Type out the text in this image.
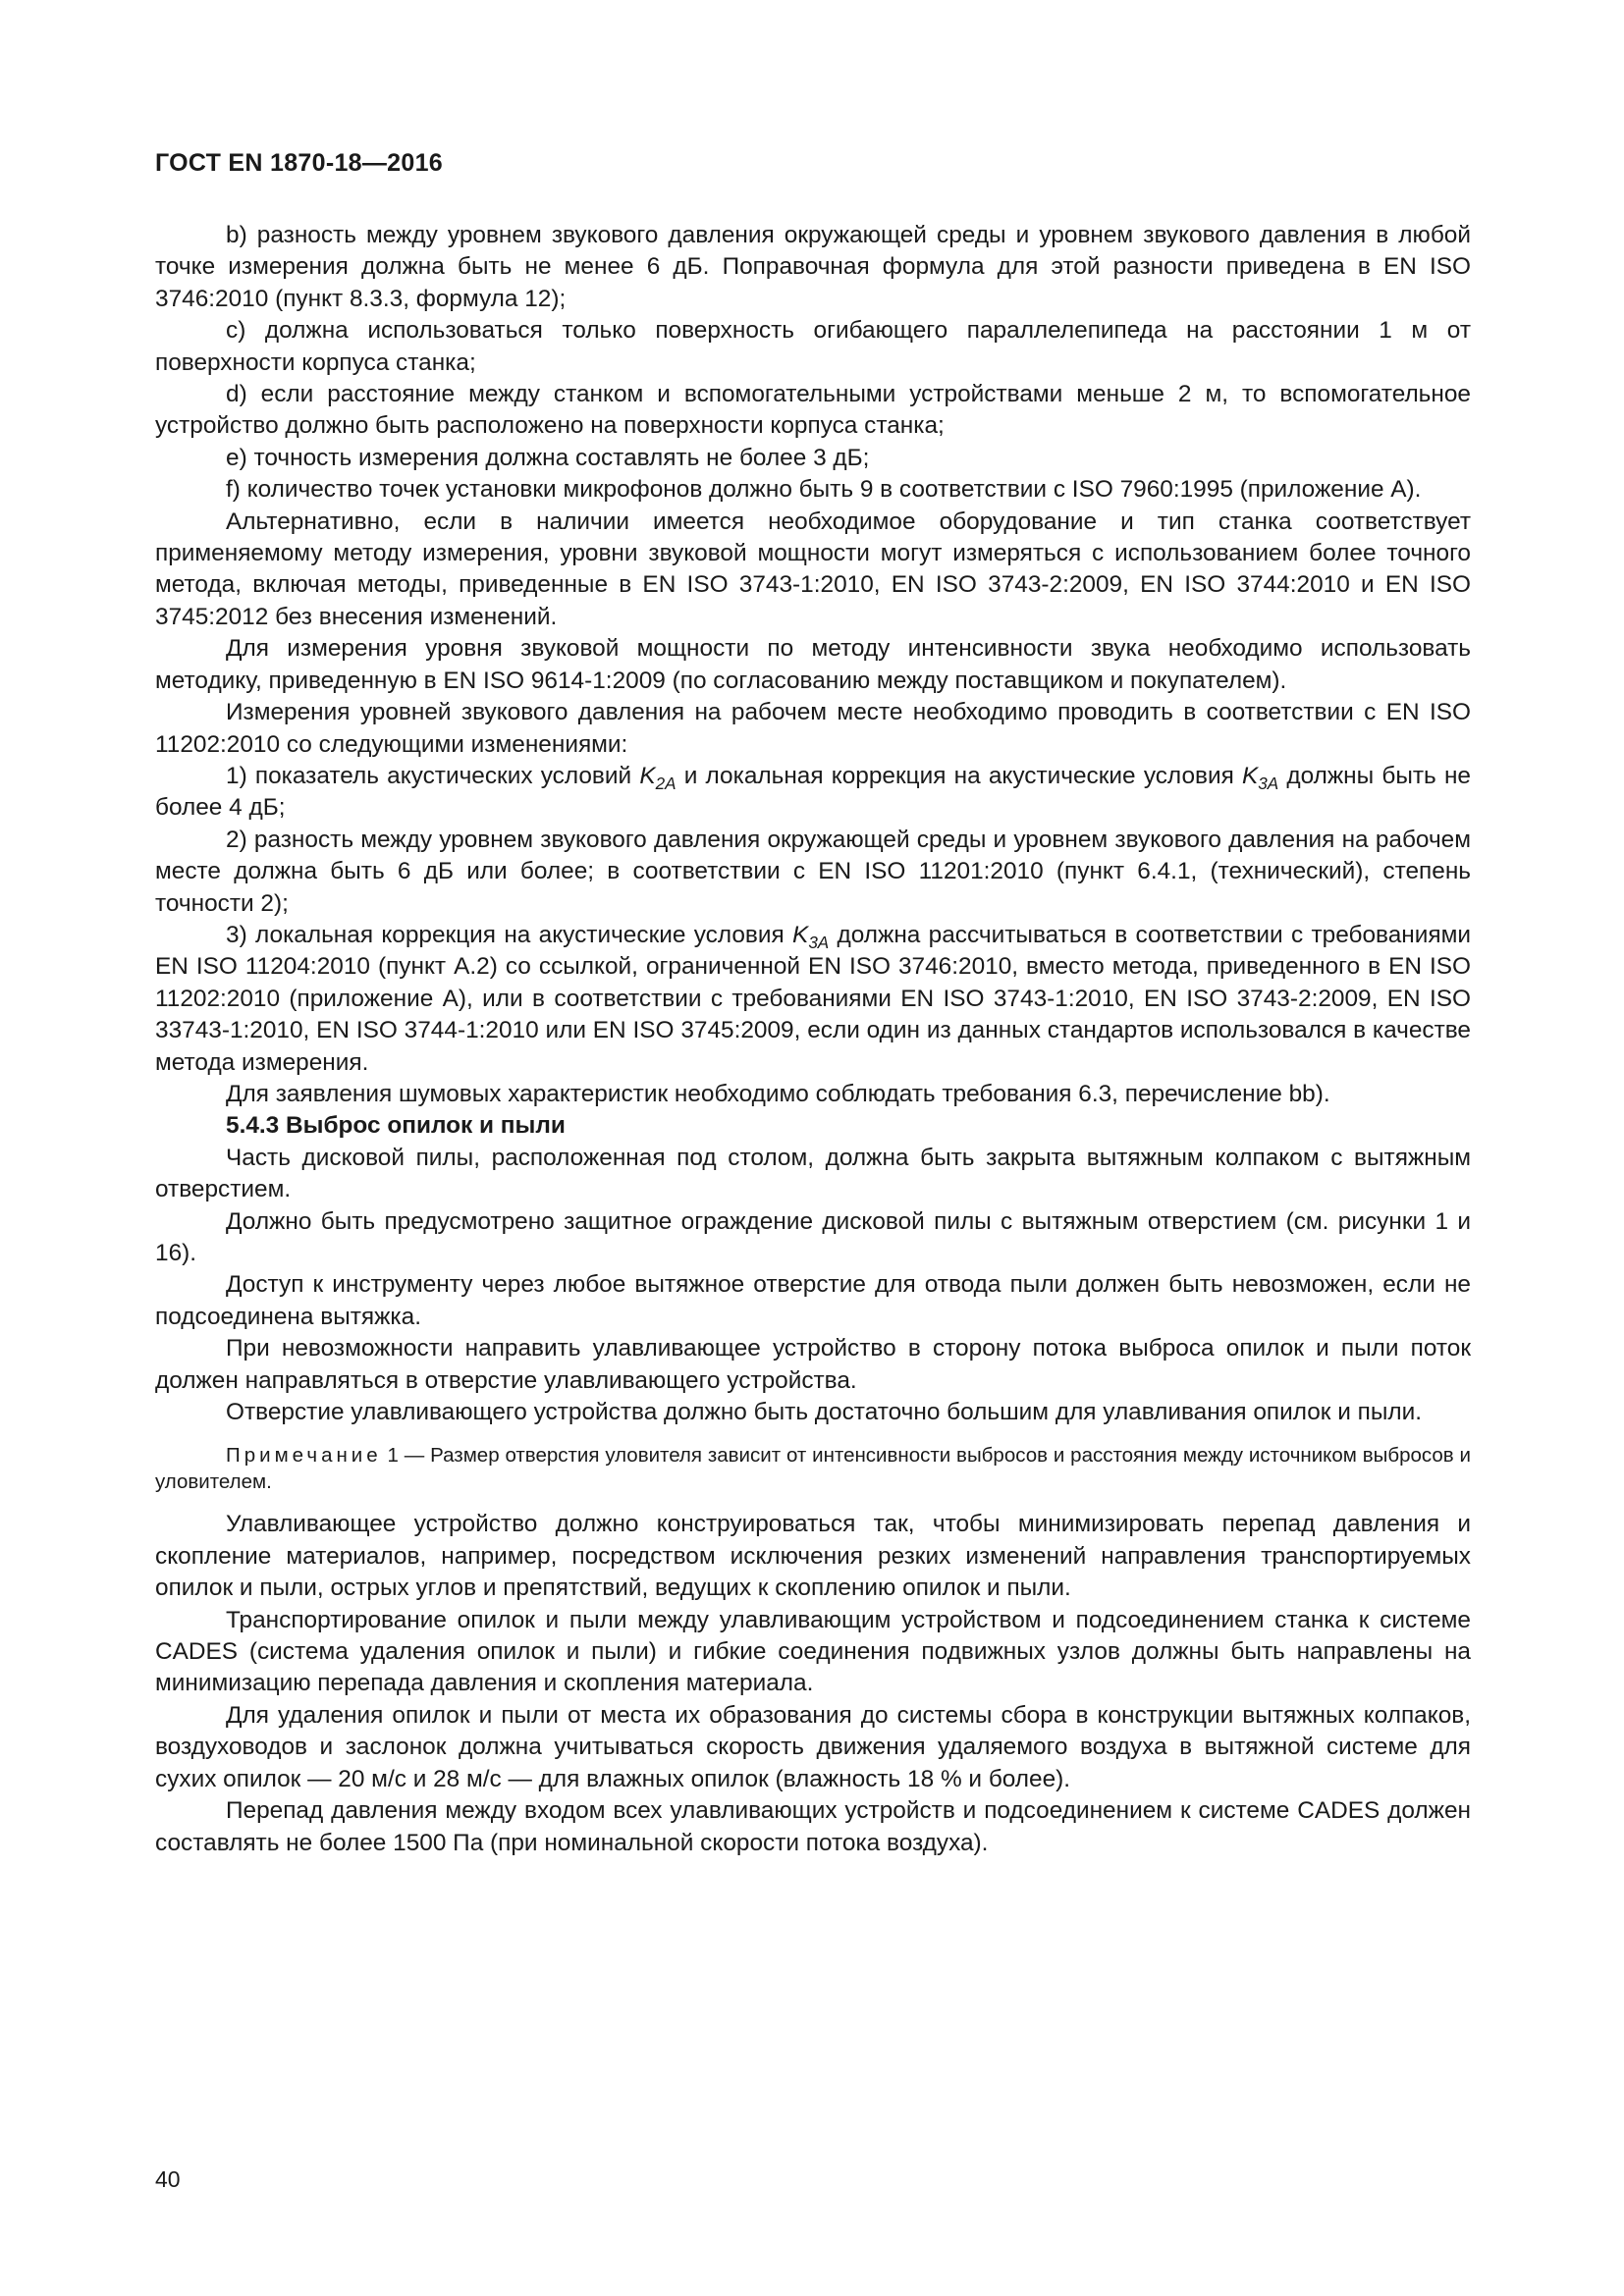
ГОСТ EN 1870-18—2016

b) разность между уровнем звукового давления окружающей среды и уровнем звукового давления в любой точке измерения должна быть не менее 6 дБ. Поправочная формула для этой разности приведена в EN ISO 3746:2010 (пункт 8.3.3, формула 12);

c) должна использоваться только поверхность огибающего параллелепипеда на расстоянии 1 м от поверхности корпуса станка;

d) если расстояние между станком и вспомогательными устройствами меньше 2 м, то вспомогательное устройство должно быть расположено на поверхности корпуса станка;

e) точность измерения должна составлять не более 3 дБ;

f) количество точек установки микрофонов должно быть 9 в соответствии с ISO 7960:1995 (приложение А).

Альтернативно, если в наличии имеется необходимое оборудование и тип станка соответствует применяемому методу измерения, уровни звуковой мощности могут измеряться с использованием более точного метода, включая методы, приведенные в EN ISO 3743-1:2010, EN ISO 3743-2:2009, EN ISO 3744:2010 и EN ISO 3745:2012 без внесения изменений.

Для измерения уровня звуковой мощности по методу интенсивности звука необходимо использовать методику, приведенную в EN ISO 9614-1:2009 (по согласованию между поставщиком и покупателем).

Измерения уровней звукового давления на рабочем месте необходимо проводить в соответствии с EN ISO 11202:2010 со следующими изменениями:

1) показатель акустических условий $K_{2A}$ и локальная коррекция на акустические условия $K_{3A}$ должны быть не более 4 дБ;

2) разность между уровнем звукового давления окружающей среды и уровнем звукового давления на рабочем месте должна быть 6 дБ или более; в соответствии с EN ISO 11201:2010 (пункт 6.4.1, (технический), степень точности 2);

3) локальная коррекция на акустические условия $K_{3A}$ должна рассчитываться в соответствии с требованиями EN ISO 11204:2010 (пункт А.2) со ссылкой, ограниченной EN ISO 3746:2010, вместо метода, приведенного в EN ISO 11202:2010 (приложение А), или в соответствии с требованиями EN ISO 3743-1:2010, EN ISO 3743-2:2009, EN ISO 33743-1:2010, EN ISO 3744-1:2010 или EN ISO 3745:2009, если один из данных стандартов использовался в качестве метода измерения.

Для заявления шумовых характеристик необходимо соблюдать требования 6.3, перечисление bb).

5.4.3 Выброс опилок и пыли

Часть дисковой пилы, расположенная под столом, должна быть закрыта вытяжным колпаком с вытяжным отверстием.

Должно быть предусмотрено защитное ограждение дисковой пилы с вытяжным отверстием (см. рисунки 1 и 16).

Доступ к инструменту через любое вытяжное отверстие для отвода пыли должен быть невозможен, если не подсоединена вытяжка.

При невозможности направить улавливающее устройство в сторону потока выброса опилок и пыли поток должен направляться в отверстие улавливающего устройства.

Отверстие улавливающего устройства должно быть достаточно большим для улавливания опилок и пыли.

Примечание 1 — Размер отверстия уловителя зависит от интенсивности выбросов и расстояния между источником выбросов и уловителем.

Улавливающее устройство должно конструироваться так, чтобы минимизировать перепад давления и скопление материалов, например, посредством исключения резких изменений направления транспортируемых опилок и пыли, острых углов и препятствий, ведущих к скоплению опилок и пыли.

Транспортирование опилок и пыли между улавливающим устройством и подсоединением станка к системе CADES (система удаления опилок и пыли) и гибкие соединения подвижных узлов должны быть направлены на минимизацию перепада давления и скопления материала.

Для удаления опилок и пыли от места их образования до системы сбора в конструкции вытяжных колпаков, воздуховодов и заслонок должна учитываться скорость движения удаляемого воздуха в вытяжной системе для сухих опилок — 20 м/с и 28 м/с — для влажных опилок (влажность 18 % и более).

Перепад давления между входом всех улавливающих устройств и подсоединением к системе CADES должен составлять не более 1500 Па (при номинальной скорости потока воздуха).

40
